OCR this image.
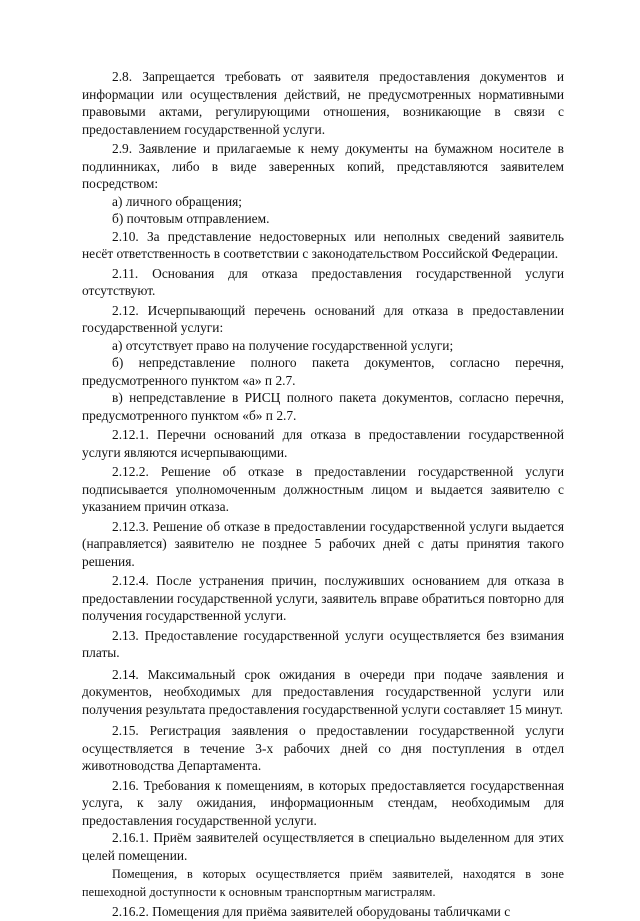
2.8. Запрещается требовать от заявителя предоставления документов и информации или осуществления действий, не предусмотренных нормативными правовыми актами, регулирующими отношения, возникающие в связи с предоставлением государственной услуги.

2.9. Заявление и прилагаемые к нему документы на бумажном носителе в подлинниках, либо в виде заверенных копий, представляются заявителем посредством:

а) личного обращения;

б) почтовым отправлением.

2.10. За представление недостоверных или неполных сведений заявитель несёт ответственность в соответствии с законодательством Российской Федерации.

2.11. Основания для отказа предоставления государственной услуги отсутствуют.

2.12. Исчерпывающий перечень оснований для отказа в предоставлении государственной услуги:

а) отсутствует право на получение государственной услуги;

б) непредставление полного пакета документов, согласно перечня, предусмотренного пунктом «а» п 2.7.

в) непредставление в РИСЦ полного пакета документов, согласно перечня, предусмотренного пунктом «б» п 2.7.

2.12.1. Перечни оснований для отказа в предоставлении государственной услуги являются исчерпывающими.

2.12.2. Решение об отказе в предоставлении государственной услуги подписывается уполномоченным должностным лицом и выдается заявителю с указанием причин отказа.

2.12.3. Решение об отказе в предоставлении государственной услуги выдается (направляется) заявителю не позднее 5 рабочих дней с даты принятия такого решения.

2.12.4. После устранения причин, послуживших основанием для отказа в предоставлении государственной услуги, заявитель вправе обратиться повторно для получения государственной услуги.

2.13. Предоставление государственной услуги осуществляется без взимания платы.

2.14. Максимальный срок ожидания в очереди при подаче заявления и документов, необходимых для предоставления государственной услуги или получения результата предоставления государственной услуги составляет 15 минут.

2.15. Регистрация заявления о предоставлении государственной услуги осуществляется в течение 3-х рабочих дней со дня поступления в отдел животноводства Департамента.

2.16. Требования к помещениям, в которых предоставляется государственная услуга, к залу ожидания, информационным стендам, необходимым для предоставления государственной услуги.

2.16.1. Приём заявителей осуществляется в специально выделенном для этих целей помещении.

Помещения, в которых осуществляется приём заявителей, находятся в зоне пешеходной доступности к основным транспортным магистралям.

2.16.2. Помещения для приёма заявителей оборудованы табличками с
